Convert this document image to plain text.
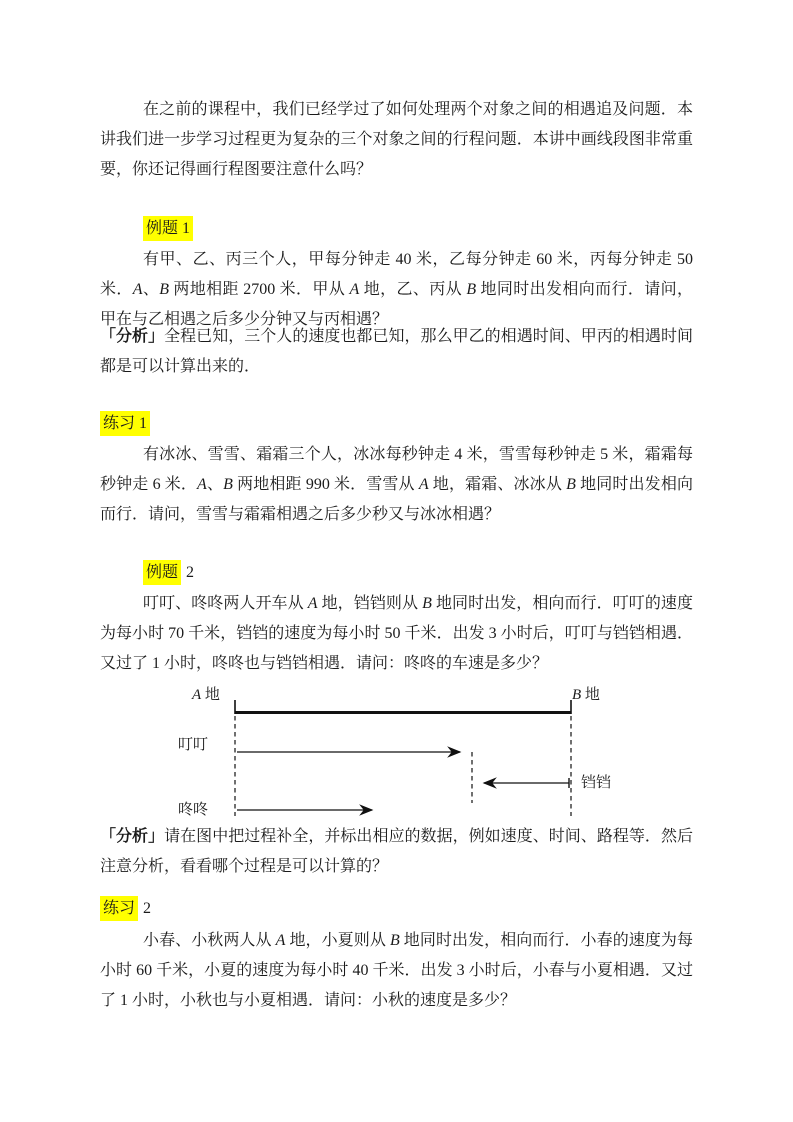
在之前的课程中，我们已经学过了如何处理两个对象之间的相遇追及问题．本讲我们进一步学习过程更为复杂的三个对象之间的行程问题．本讲中画线段图非常重要，你还记得画行程图要注意什么吗？

例题 1

有甲、乙、丙三个人，甲每分钟走 40 米，乙每分钟走 60 米，丙每分钟走 50 米．A、B 两地相距 2700 米．甲从 A 地，乙、丙从 B 地同时出发相向而行．请问，甲在与乙相遇之后多少分钟又与丙相遇？

「分析」全程已知，三个人的速度也都已知，那么甲乙的相遇时间、甲丙的相遇时间都是可以计算出来的．

练习 1

有冰冰、雪雪、霜霜三个人，冰冰每秒钟走 4 米，雪雪每秒钟走 5 米，霜霜每秒钟走 6 米．A、B 两地相距 990 米．雪雪从 A 地，霜霜、冰冰从 B 地同时出发相向而行．请问，雪雪与霜霜相遇之后多少秒又与冰冰相遇？

例题 2

叮叮、咚咚两人开车从 A 地，铛铛则从 B 地同时出发，相向而行．叮叮的速度为每小时 70 千米，铛铛的速度为每小时 50 千米．出发 3 小时后，叮叮与铛铛相遇．又过了 1 小时，咚咚也与铛铛相遇．请问：咚咚的车速是多少？

A 地	B 地
叮叮
铛铛
咚咚

「分析」请在图中把过程补全，并标出相应的数据，例如速度、时间、路程等．然后注意分析，看看哪个过程是可以计算的？

练习 2

小春、小秋两人从 A 地，小夏则从 B 地同时出发，相向而行．小春的速度为每小时 60 千米，小夏的速度为每小时 40 千米．出发 3 小时后，小春与小夏相遇．又过了 1 小时，小秋也与小夏相遇．请问：小秋的速度是多少？
